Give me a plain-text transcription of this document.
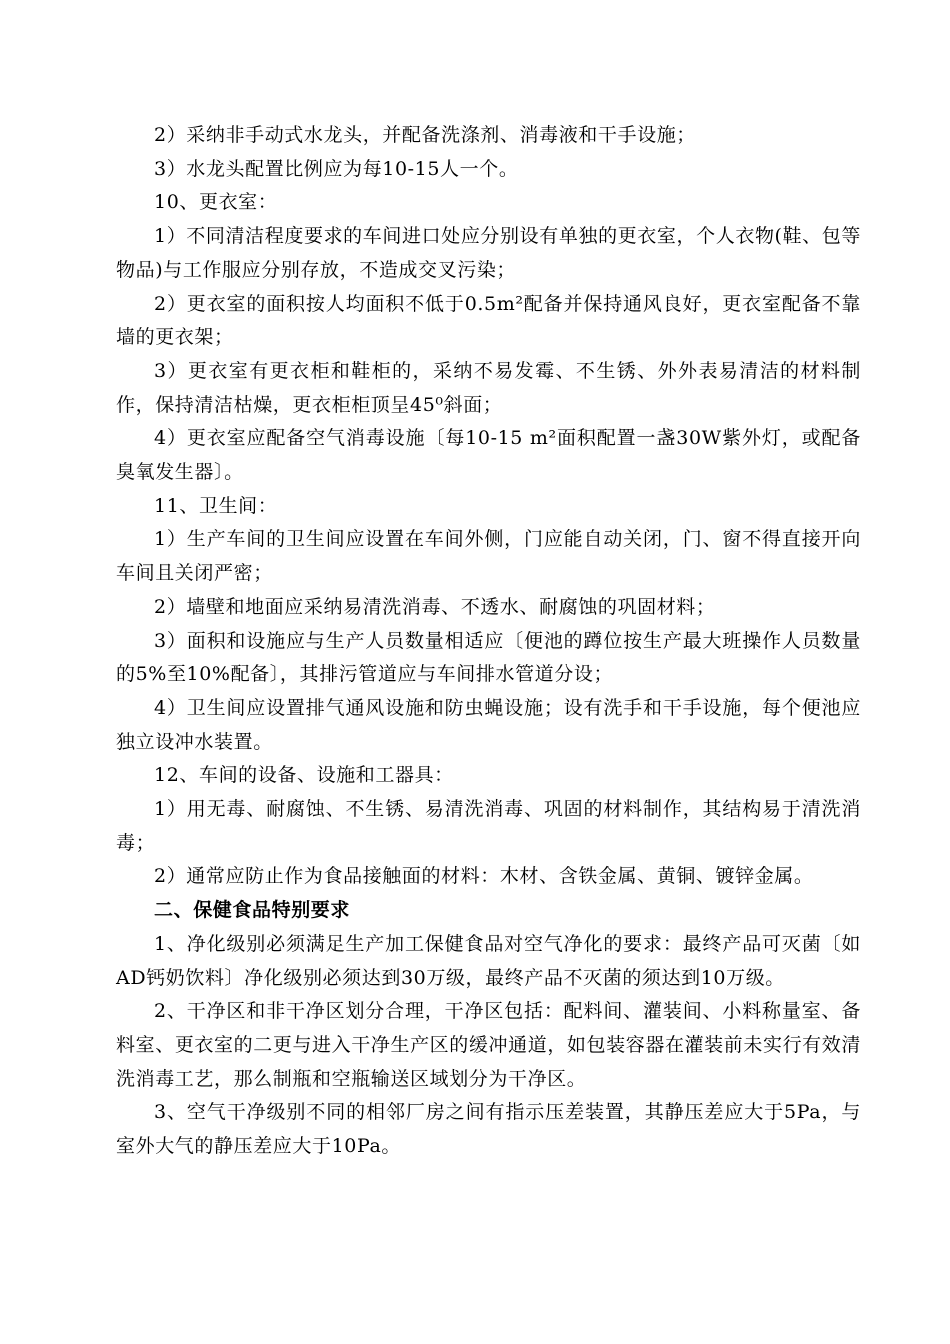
2）采纳非手动式水龙头，并配备洗涤剂、消毒液和干手设施；

3）水龙头配置比例应为每10-15人一个。

10、更衣室：

1）不同清洁程度要求的车间进口处应分别设有单独的更衣室，个人衣物(鞋、包等物品)与工作服应分别存放，不造成交叉污染；

2）更衣室的面积按人均面积不低于0.5m²配备并保持通风良好，更衣室配备不靠墙的更衣架；

3）更衣室有更衣柜和鞋柜的，采纳不易发霉、不生锈、外外表易清洁的材料制作，保持清洁枯燥，更衣柜柜顶呈45⁰斜面；

4）更衣室应配备空气消毒设施〔每10-15 m²面积配置一盏30W紫外灯，或配备臭氧发生器〕。

11、卫生间：

1）生产车间的卫生间应设置在车间外侧，门应能自动关闭，门、窗不得直接开向车间且关闭严密；

2）墙壁和地面应采纳易清洗消毒、不透水、耐腐蚀的巩固材料；

3）面积和设施应与生产人员数量相适应〔便池的蹲位按生产最大班操作人员数量的5%至10%配备〕，其排污管道应与车间排水管道分设；

4）卫生间应设置排气通风设施和防虫蝇设施；设有洗手和干手设施，每个便池应独立设冲水装置。

12、车间的设备、设施和工器具：

1）用无毒、耐腐蚀、不生锈、易清洗消毒、巩固的材料制作，其结构易于清洗消毒；

2）通常应防止作为食品接触面的材料：木材、含铁金属、黄铜、镀锌金属。

二、保健食品特别要求

1、净化级别必须满足生产加工保健食品对空气净化的要求：最终产品可灭菌〔如AD钙奶饮料〕净化级别必须达到30万级，最终产品不灭菌的须达到10万级。

2、干净区和非干净区划分合理，干净区包括：配料间、灌装间、小料称量室、备料室、更衣室的二更与进入干净生产区的缓冲通道，如包装容器在灌装前未实行有效清洗消毒工艺，那么制瓶和空瓶输送区域划分为干净区。

3、空气干净级别不同的相邻厂房之间有指示压差装置，其静压差应大于5Pa，与室外大气的静压差应大于10Pa。
